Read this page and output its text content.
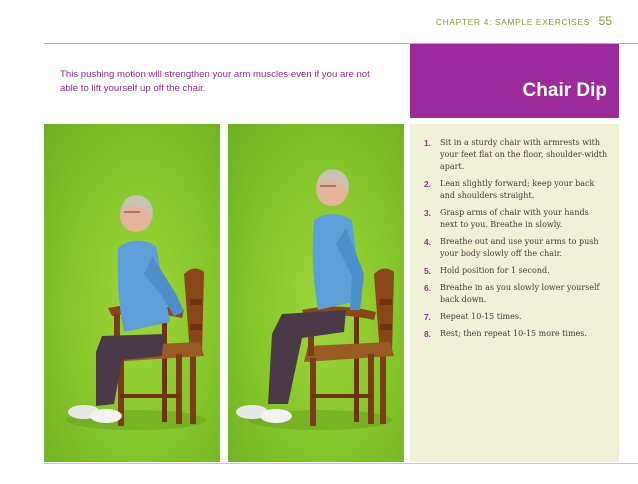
CHAPTER 4: SAMPLE EXERCISES 55

This pushing motion will strengthen your arm muscles even if you are not able to lift yourself up off the chair.	Chair Dip
1. Sit in a sturdy chair with armrests with your feet flat on the floor, shoulder-width apart.
2. Lean slightly forward; keep your back and shoulders straight.
3. Grasp arms of chair with your hands next to you. Breathe in slowly.
4. Breathe out and use your arms to push your body slowly off the chair.
5. Hold position for 1 second.
6. Breathe in as you slowly lower yourself back down.
7. Repeat 10-15 times.
8. Rest; then repeat 10-15 more times.
